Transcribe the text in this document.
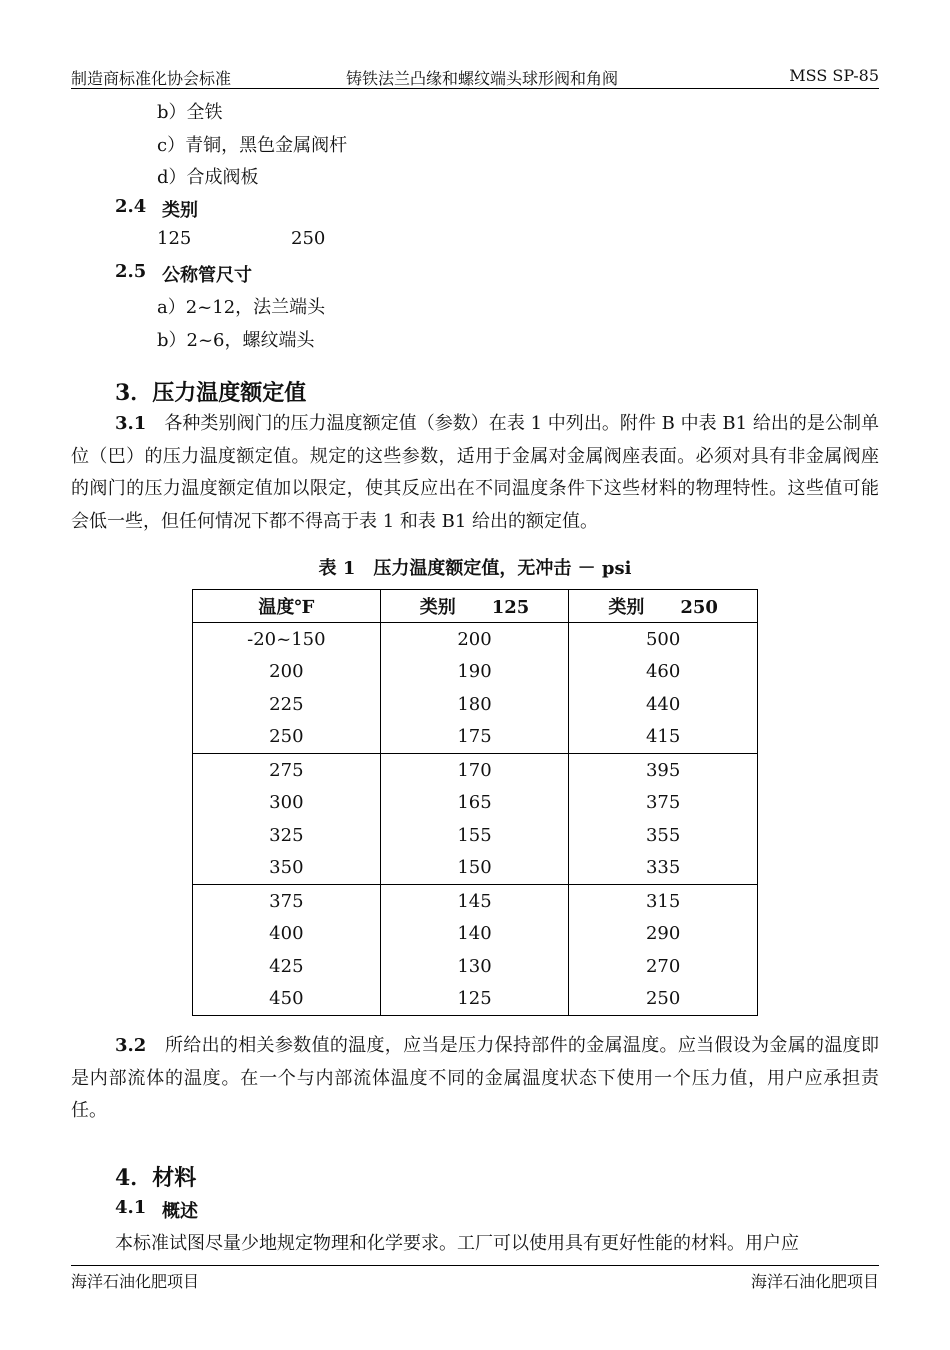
制造商标准化协会标准	铸铁法兰凸缘和螺纹端头球形阀和角阀	MSS SP-85
b）全铁
c）青铜，黑色金属阀杆
d）合成阀板
2.4 类别
125	250
2.5 公称管尺寸
a）2~12，法兰端头
b）2~6，螺纹端头
3．压力温度额定值
3.1　 各种类别阀门的压力温度额定值（参数）在表 1 中列出。附件 B 中表 B1 给出的是公制单位（巴）的压力温度额定值。规定的这些参数，适用于金属对金属阀座表面。必须对具有非金属阀座的阀门的压力温度额定值加以限定，使其反应出在不同温度条件下这些材料的物理特性。这些值可能会低一些，但任何情况下都不得高于表 1 和表 B1 给出的额定值。
表 1　压力温度额定值，无冲击 － psi
温度℉	类别　　125	类别　　250
-20~150	200	500
200	190	460
225	180	440
250	175	415
275	170	395
300	165	375
325	155	355
350	150	335
375	145	315
400	140	290
425	130	270
450	125	250
3.2　 所给出的相关参数值的温度，应当是压力保持部件的金属温度。应当假设为金属的温度即是内部流体的温度。在一个与内部流体温度不同的金属温度状态下使用一个压力值，用户应承担责任。
4．材料
4.1 概述
本标准试图尽量少地规定物理和化学要求。工厂可以使用具有更好性能的材料。用户应
海洋石油化肥项目	海洋石油化肥项目
